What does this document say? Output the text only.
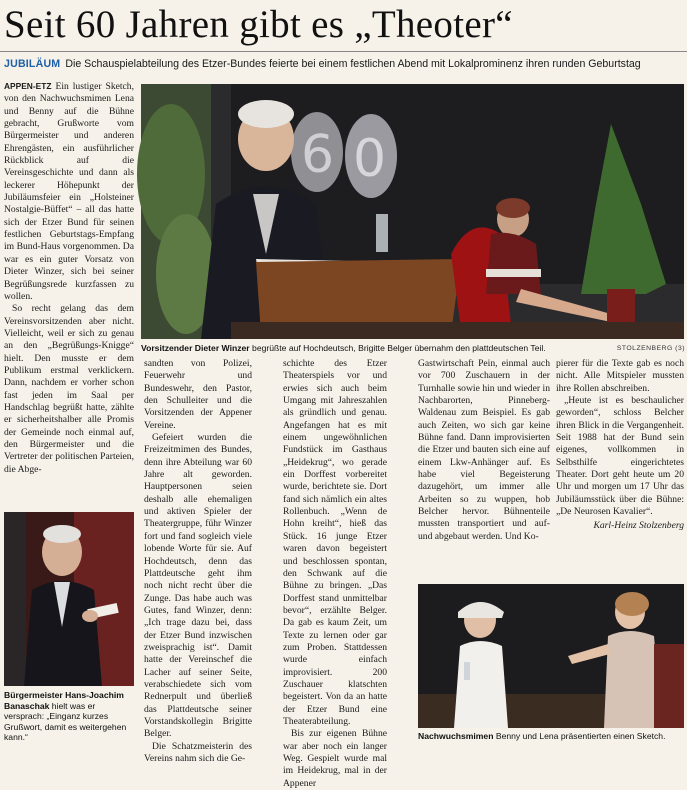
Seit 60 Jahren gibt es „Theoter“
JUBILÄUM Die Schauspielabteilung des Etzer-Bundes feierte bei einem festlichen Abend mit Lokalprominenz ihren runden Geburtstag

APPEN-ETZ Ein lustiger Sketch, von den Nachwuchsmimen Lena und Benny auf die Bühne gebracht, Grußworte vom Bürgermeister und anderen Ehrengästen, ein ausführlicher Rückblick auf die Vereinsgeschichte und dann als leckerer Höhepunkt der Jubiläumsfeier ein „Holsteiner Nostalgie-Büffet“ – all das hatte sich der Etzer Bund für seinen festlichen Geburtstags-Empfang im Bund-Haus vorgenommen. Da war es ein guter Vorsatz von Dieter Winzer, sich bei seiner Begrüßungsrede kurzfassen zu wollen.

So recht gelang das dem Vereinsvorsitzenden aber nicht. Vielleicht, weil er sich zu genau an den „Begrüßungs-Knigge“ hielt. Den musste er dem Publikum erstmal verklickern. Dann, nachdem er vorher schon fast jeden im Saal per Handschlag begrüßt hatte, zählte er sicherheitshalber alle Promis der Gemeinde noch einmal auf, den Bürgermeister und die Vertreter der politischen Parteien, die Abge-

6 0
Vorsitzender Dieter Winzer begrüßte auf Hochdeutsch, Brigitte Belger übernahm den plattdeutschen Teil.	STOLZENBERG (3)

sandten von Polizei, Feuerwehr und Bundeswehr, den Pastor, den Schulleiter und die Vorsitzenden der Appener Vereine.

Gefeiert wurden die Freizeitmimen des Bundes, denn ihre Abteilung war 60 Jahre alt geworden. Hauptpersonen seien deshalb alle ehemaligen und aktiven Spieler der Theatergruppe, führ Winzer fort und fand sogleich viele lobende Worte für sie. Auf Hochdeutsch, denn das Plattdeutsche geht ihm noch nicht recht über die Zunge. Das habe auch was Gutes, fand Winzer, denn: „Ich trage dazu bei, dass der Etzer Bund inzwischen zweisprachig ist“. Damit hatte der Vereinschef die Lacher auf seiner Seite, verabschiedete sich vom Rednerpult und überließ das Plattdeutsche seiner Vorstandskollegin Brigitte Belger.

Die Schatzmeisterin des Vereins nahm sich die Ge-

schichte des Etzer Theaterspiels vor und erwies sich auch beim Umgang mit Jahreszahlen als gründlich und genau. Angefangen hat es mit einem ungewöhnlichen Fundstück im Gasthaus „Heidekrug“, wo gerade ein Dorffest vorbereitet wurde, berichtete sie. Dort fand sich nämlich ein altes Rollenbuch. „Wenn de Hohn kreiht“, hieß das Stück. 16 junge Etzer waren davon begeistert und beschlossen spontan, den Schwank auf die Bühne zu bringen. „Das Dorffest stand unmittelbar bevor“, erzählte Belger. Da gab es kaum Zeit, um Texte zu lernen oder gar zum Proben. Stattdessen wurde einfach improvisiert. 200 Zuschauer klatschten begeistert. Von da an hatte der Etzer Bund eine Theaterabteilung.

Bis zur eigenen Bühne war aber noch ein langer Weg. Gespielt wurde mal im Heidekrug, mal in der Appener

Gastwirtschaft Pein, einmal auch vor 700 Zuschauern in der Turnhalle sowie hin und wieder in Nachbarorten, Pinneberg-Waldenau zum Beispiel. Es gab auch Zeiten, wo sich gar keine Bühne fand. Dann improvisierten die Etzer und bauten sich eine auf einem Lkw-Anhänger auf. Es habe viel Begeisterung dazugehört, um immer alle Arbeiten so zu wuppen, hob Belcher hervor. Bühnenteile mussten transportiert und auf- und abgebaut werden. Und Ko-

pierer für die Texte gab es noch nicht. Alle Mitspieler mussten ihre Rollen abschreiben.

„Heute ist es beschaulicher geworden“, schloss Belcher ihren Blick in die Vergangenheit. Seit 1988 hat der Bund sein eigenes, vollkommen in Selbsthilfe eingerichtetes Theater. Dort geht heute um 20 Uhr und morgen um 17 Uhr das Jubiläumsstück über die Bühne: „De Neurosen Kavalier“.

Karl-Heinz Stolzenberg
Bürgermeister Hans-Joachim Banaschak hielt was er versprach: „Einganz kurzes Grußwort, damit es weitergehen kann.“	Nachwuchsmimen Benny und Lena präsentierten einen Sketch.
